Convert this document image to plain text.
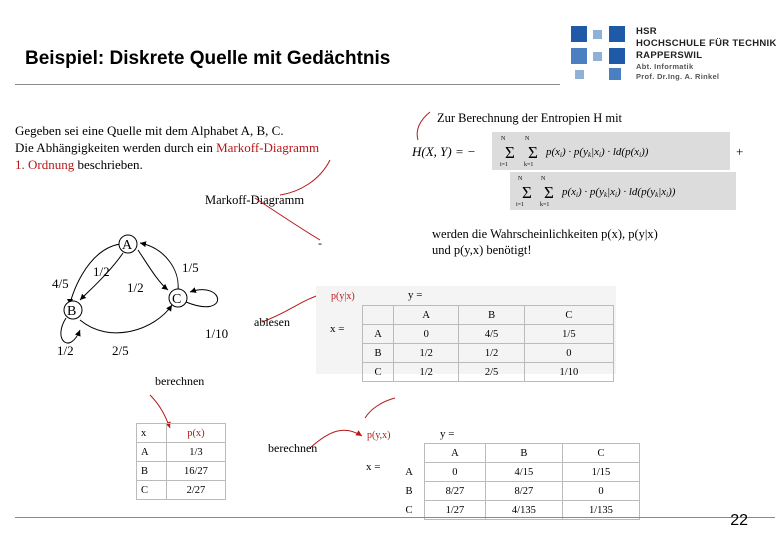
Beispiel: Diskrete Quelle mit Gedächtnis
HSR
HOCHSCHULE FÜR TECHNIK
RAPPERSWIL
Abt. Informatik
Prof. Dr.Ing. A. Rinkel
Gegeben sei eine Quelle mit dem Alphabet A, B, C.
Die Abhängigkeiten werden durch ein Markoff-Diagramm
1. Ordnung beschrieben.
Zur Berechnung der Entropien H mit
H(X, Y) = −
N
Σ
i=1
N
Σ
k=1
p(xi) · p(yk|xi) · ld(p(xi))	+
N
Σ
i=1
N
Σ
k=1
p(xi) · p(yk|xi) · ld(p(yk|xi))
Markoff-Diagramm
werden die Wahrscheinlichkeiten p(x), p(y|x)
und p(y,x) benötigt!
-
A
B
C
4/5
1/2
1/2
1/5
1/2	2/5
1/10
ablesen
berechnen
berechnen
p(y|x)	y =
x =
	A	B	C
A	0	4/5	1/5
B	1/2	1/2	0
C	1/2	2/5	1/10
x	p(x)
A	1/3
B	16/27
C	2/27
p(y,x)	y =
x =
	A	B	C
A	0	4/15	1/15
B	8/27	8/27	0
C	1/27	4/135	1/135
22
